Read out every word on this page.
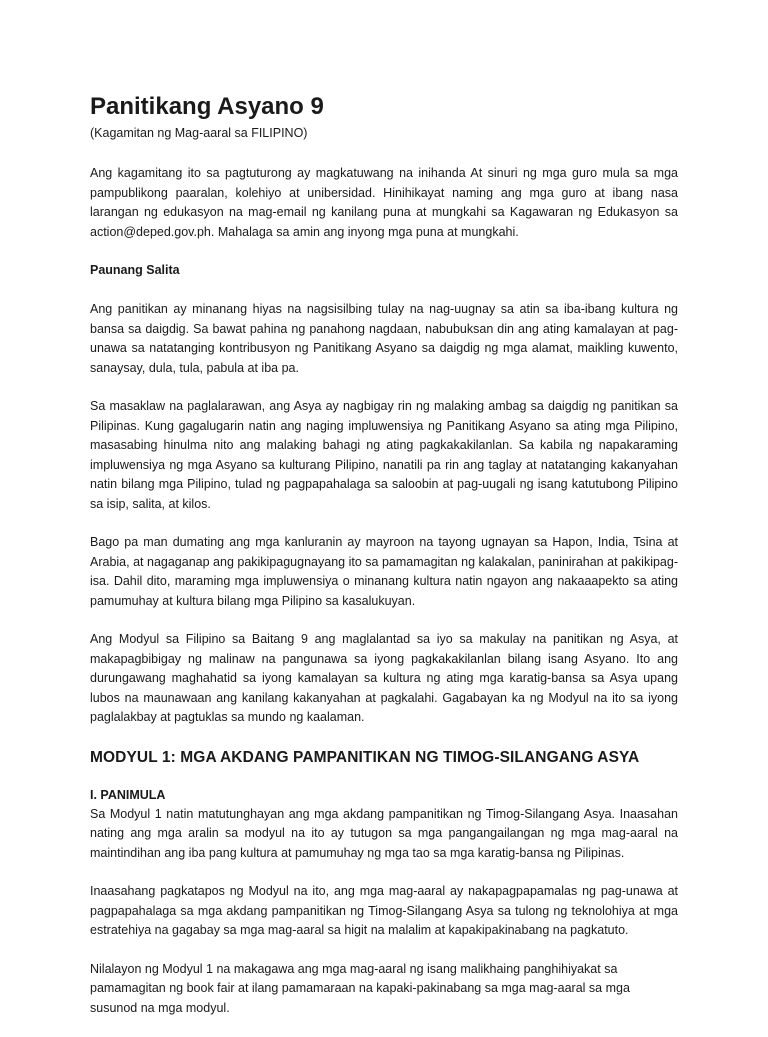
Panitikang Asyano 9

(Kagamitan ng Mag-aaral sa FILIPINO)

Ang kagamitang ito sa pagtuturong ay magkatuwang na inihanda At sinuri ng mga guro mula sa mga pampublikong paaralan, kolehiyo at unibersidad. Hinihikayat naming ang mga guro at ibang nasa larangan ng edukasyon na mag-email ng kanilang puna at mungkahi sa Kagawaran ng Edukasyon sa action@deped.gov.ph. Mahalaga sa amin ang inyong mga puna at mungkahi.

Paunang Salita

Ang panitikan ay minanang hiyas na nagsisilbing tulay na nag-uugnay sa atin sa iba-ibang kultura ng bansa sa daigdig. Sa bawat pahina ng panahong nagdaan, nabubuksan din ang ating kamalayan at pag-unawa sa natatanging kontribusyon ng Panitikang Asyano sa daigdig ng mga alamat, maikling kuwento, sanaysay, dula, tula, pabula at iba pa.

Sa masaklaw na paglalarawan, ang Asya ay nagbigay rin ng malaking ambag sa daigdig ng panitikan sa Pilipinas. Kung gagalugarin natin ang naging impluwensiya ng Panitikang Asyano sa ating mga Pilipino, masasabing hinulma nito ang malaking bahagi ng ating pagkakakilanlan. Sa kabila ng napakaraming impluwensiya ng mga Asyano sa kulturang Pilipino, nanatili pa rin ang taglay at natatanging kakanyahan natin bilang mga Pilipino, tulad ng pagpapahalaga sa saloobin at pag-uugali ng isang katutubong Pilipino sa isip, salita, at kilos.

Bago pa man dumating ang mga kanluranin ay mayroon na tayong ugnayan sa Hapon, India, Tsina at Arabia, at nagaganap ang pakikipagugnayang ito sa pamamagitan ng kalakalan, paninirahan at pakikipag-isa. Dahil dito, maraming mga impluwensiya o minanang kultura natin ngayon ang nakaaapekto sa ating pamumuhay at kultura bilang mga Pilipino sa kasalukuyan.

Ang Modyul sa Filipino sa Baitang 9 ang maglalantad sa iyo sa makulay na panitikan ng Asya, at makapagbibigay ng malinaw na pangunawa sa iyong pagkakakilanlan bilang isang Asyano. Ito ang durungawang maghahatid sa iyong kamalayan sa kultura ng ating mga karatig-bansa sa Asya upang lubos na maunawaan ang kanilang kakanyahan at pagkalahi. Gagabayan ka ng Modyul na ito sa iyong paglalakbay at pagtuklas sa mundo ng kaalaman.

MODYUL 1: MGA AKDANG PAMPANITIKAN NG TIMOG-SILANGANG ASYA
I. PANIMULA

Sa Modyul 1 natin matutunghayan ang mga akdang pampanitikan ng Timog-Silangang Asya. Inaasahan nating ang mga aralin sa modyul na ito ay tutugon sa mga pangangailangan ng mga mag-aaral na maintindihan ang iba pang kultura at pamumuhay ng mga tao sa mga karatig-bansa ng Pilipinas.

Inaasahang pagkatapos ng Modyul na ito, ang mga mag-aaral ay nakapagpapamalas ng pag-unawa at pagpapahalaga sa mga akdang pampanitikan ng Timog-Silangang Asya sa tulong ng teknolohiya at mga estratehiya na gagabay sa mga mag-aaral sa higit na malalim at kapakipakinabang na pagkatuto.

Nilalayon ng Modyul 1 na makagawa ang mga mag-aaral ng isang malikhaing panghihiyakat sa pamamagitan ng book fair at ilang pamamaraan na kapaki-pakinabang sa mga mag-aaral sa mga susunod na mga modyul.
